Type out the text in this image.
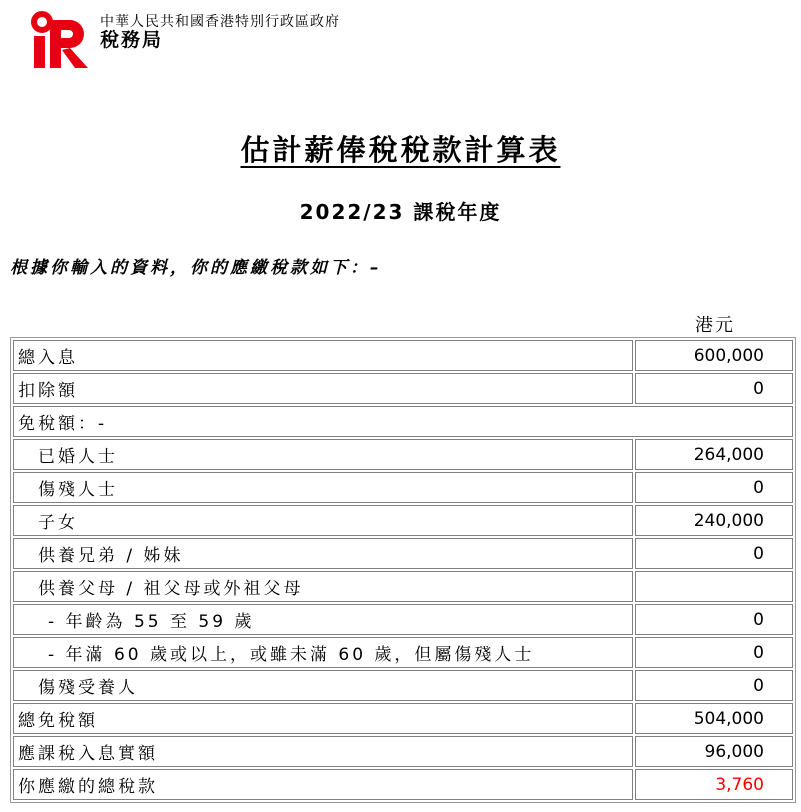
中華人民共和國香港特別行政區政府
稅務局
估計薪俸稅稅款計算表
2022/23 課稅年度
根據你輸入的資料，你的應繳稅款如下：–
港元
總入息	600,000
扣除額	0
免稅額：-	
已婚人士	264,000
傷殘人士	0
子女	240,000
供養兄弟 / 姊妹	0
供養父母 / 祖父母或外祖父母	
- 年齡為 55 至 59 歲	0
- 年滿 60 歲或以上，或雖未滿 60 歲，但屬傷殘人士	0
傷殘受養人	0
總免稅額	504,000
應課稅入息實額	96,000
你應繳的總稅款	3,760
